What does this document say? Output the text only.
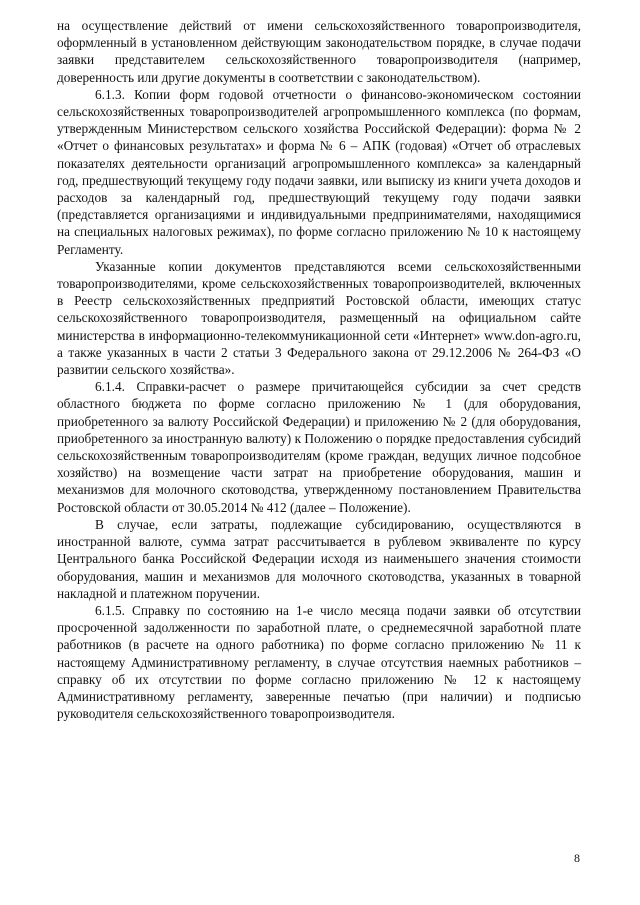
на осуществление действий от имени сельскохозяйственного товаропроизводителя, оформленный в установленном действующим законодательством порядке, в случае подачи заявки представителем сельскохозяйственного товаропроизводителя (например, доверенность или другие документы в соответствии с законодательством).

6.1.3. Копии форм годовой отчетности о финансово-экономическом состоянии сельскохозяйственных товаропроизводителей агропромышленного комплекса (по формам, утвержденным Министерством сельского хозяйства Российской Федерации): форма № 2 «Отчет о финансовых результатах» и форма № 6 – АПК (годовая) «Отчет об отраслевых показателях деятельности организаций агропромышленного комплекса» за календарный год, предшествующий текущему году подачи заявки, или выписку из книги учета доходов и расходов за календарный год, предшествующий текущему году подачи заявки (представляется организациями и индивидуальными предпринимателями, находящимися на специальных налоговых режимах), по форме согласно приложению № 10 к настоящему Регламенту.

Указанные копии документов представляются всеми сельскохозяйственными товаропроизводителями, кроме сельскохозяйственных товаропроизводителей, включенных в Реестр сельскохозяйственных предприятий Ростовской области, имеющих статус сельскохозяйственного товаропроизводителя, размещенный на официальном сайте министерства в информационно-телекоммуникационной сети «Интернет» www.don-agro.ru, а также указанных в части 2 статьи 3 Федерального закона от 29.12.2006 № 264-ФЗ «О развитии сельского хозяйства».

6.1.4. Справки-расчет о размере причитающейся субсидии за счет средств областного бюджета по форме согласно приложению № 1 (для оборудования, приобретенного за валюту Российской Федерации) и приложению № 2 (для оборудования, приобретенного за иностранную валюту) к Положению о порядке предоставления субсидий сельскохозяйственным товаропроизводителям (кроме граждан, ведущих личное подсобное хозяйство) на возмещение части затрат на приобретение оборудования, машин и механизмов для молочного скотоводства, утвержденному постановлением Правительства Ростовской области от 30.05.2014 № 412 (далее – Положение).

В случае, если затраты, подлежащие субсидированию, осуществляются в иностранной валюте, сумма затрат рассчитывается в рублевом эквиваленте по курсу Центрального банка Российской Федерации исходя из наименьшего значения стоимости оборудования, машин и механизмов для молочного скотоводства, указанных в товарной накладной и платежном поручении.

6.1.5. Справку по состоянию на 1-е число месяца подачи заявки об отсутствии просроченной задолженности по заработной плате, о среднемесячной заработной плате работников (в расчете на одного работника) по форме согласно приложению № 11 к настоящему Административному регламенту, в случае отсутствия наемных работников – справку об их отсутствии по форме согласно приложению № 12 к настоящему Административному регламенту, заверенные печатью (при наличии) и подписью руководителя сельскохозяйственного товаропроизводителя.

8
